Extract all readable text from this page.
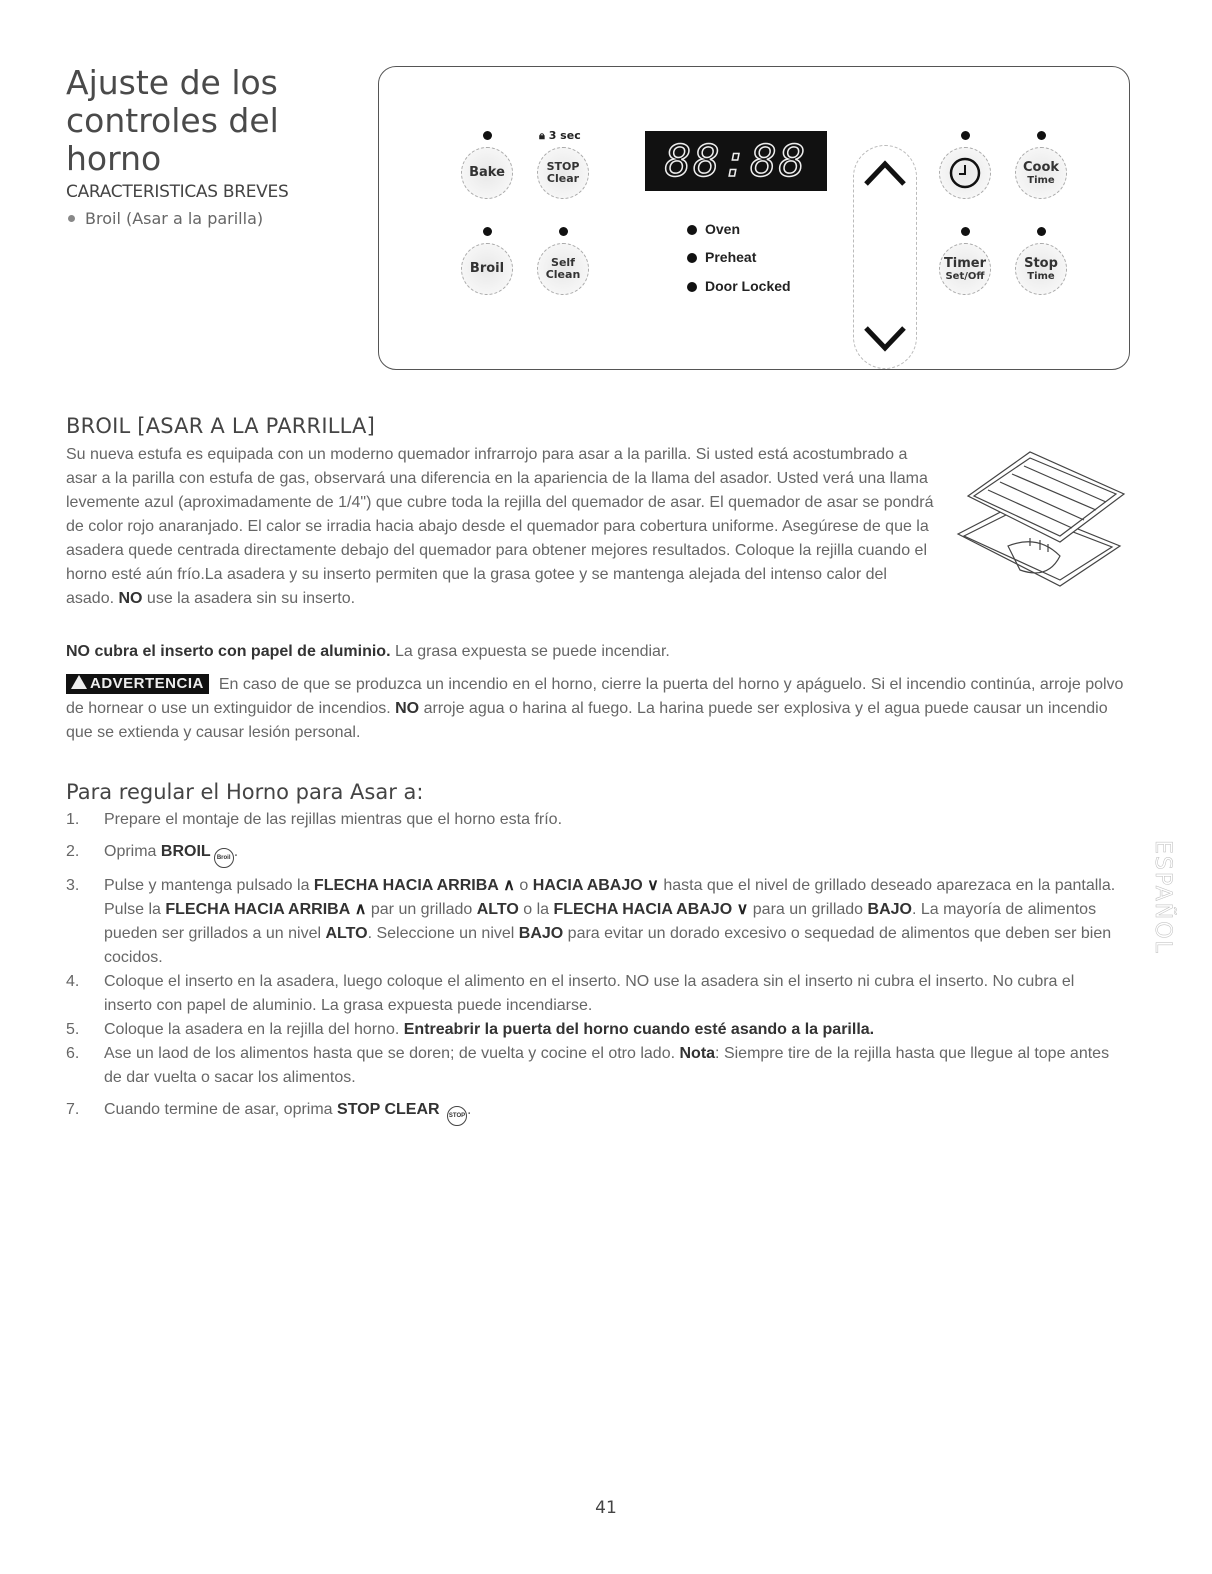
Ajuste de los
controles del
horno
CARACTERISTICAS BREVES
Broil (Asar a la parilla)
🔒︎ 3 sec
Bake	STOP
Clear 88:88
Broil	Self
Clean
Oven
Preheat
Door Locked
Cook
Time
Timer
Set/Off
Stop
Time
BROIL [ASAR A LA PARRILLA]

Su nueva estufa es equipada con un moderno quemador infrarrojo para asar a la parilla. Si usted está acostumbrado a asar a la parilla con estufa de gas, observará una diferencia en la apariencia de la llama del asador. Usted verá una llama levemente azul (aproximadamente de 1/4") que cubre toda la rejilla del quemador de asar. El quemador de asar se pondrá de color rojo anaranjado. El calor se irradia hacia abajo desde el quemador para cobertura uniforme. Asegúrese de que la asadera quede centrada directamente debajo del quemador para obtener mejores resultados. Coloque la rejilla cuando el horno esté aún frío.La asadera y su inserto permiten que la grasa gotee y se mantenga alejada del intenso calor del asado. NO use la asadera sin su inserto.

NO cubra el inserto con papel de aluminio. La grasa expuesta se puede incendiar.

ADVERTENCIA En caso de que se produzca un incendio en el horno, cierre la puerta del horno y apáguelo. Si el incendio continúa, arroje polvo de hornear o use un extinguidor de incendios. NO arroje agua o harina al fuego. La harina puede ser explosiva y el agua puede causar un incendio que se extienda y causar lesión personal.

Para regular el Horno para Asar a:
1. Prepare el montaje de las rejillas mientras que el horno esta frío.
2. Oprima BROIL Broil .
3. Pulse y mantenga pulsado la FLECHA HACIA ARRIBA ∧ o HACIA ABAJO ∨ hasta que el nivel de grillado deseado aparezaca en la pantalla. Pulse la FLECHA HACIA ARRIBA ∧ par un grillado ALTO o la FLECHA HACIA ABAJO ∨ para un grillado BAJO. La mayoría de alimentos pueden ser grillados a un nivel ALTO. Seleccione un nivel BAJO para evitar un dorado excesivo o sequedad de alimentos que deben ser bien cocidos.
4. Coloque el inserto en la asadera, luego coloque el alimento en el inserto. NO use la asadera sin el inserto ni cubra el inserto. No cubra el inserto con papel de aluminio. La grasa expuesta puede incendiarse.
5. Coloque la asadera en la rejilla del horno. Entreabrir la puerta del horno cuando esté asando a la parilla.
6. Ase un laod de los alimentos hasta que se doren; de vuelta y cocine el otro lado. Nota: Siempre tire de la rejilla hasta que llegue al tope antes de dar vuelta o sacar los alimentos.
7. Cuando termine de asar, oprima STOP CLEAR STOP .
ESPAÑOL
41
